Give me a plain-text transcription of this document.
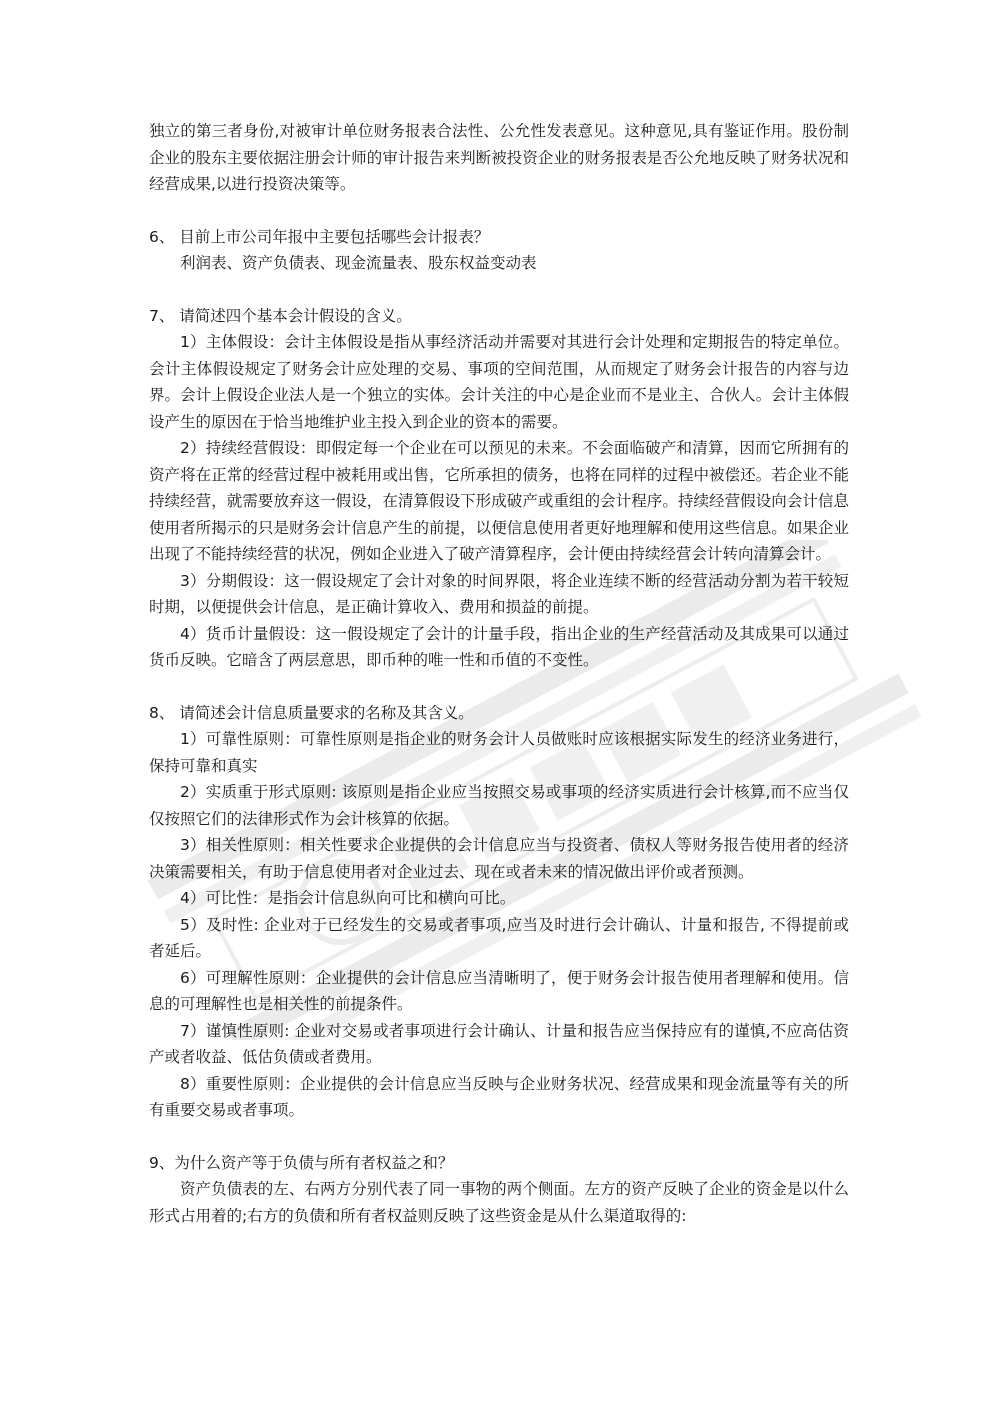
独立的第三者身份,对被审计单位财务报表合法性、公允性发表意见。这种意见,具有鉴证作用。股份制企业的股东主要依据注册会计师的审计报告来判断被投资企业的财务报表是否公允地反映了财务状况和经营成果,以进行投资决策等。

6、 目前上市公司年报中主要包括哪些会计报表？

利润表、资产负债表、现金流量表、股东权益变动表

7、 请简述四个基本会计假设的含义。

1）主体假设：会计主体假设是指从事经济活动并需要对其进行会计处理和定期报告的特定单位。会计主体假设规定了财务会计应处理的交易、事项的空间范围，从而规定了财务会计报告的内容与边界。会计上假设企业法人是一个独立的实体。会计关注的中心是企业而不是业主、合伙人。会计主体假设产生的原因在于恰当地维护业主投入到企业的资本的需要。

2）持续经营假设：即假定每一个企业在可以预见的未来。不会面临破产和清算，因而它所拥有的资产将在正常的经营过程中被耗用或出售，它所承担的债务，也将在同样的过程中被偿还。若企业不能持续经营，就需要放弃这一假设，在清算假设下形成破产或重组的会计程序。持续经营假设向会计信息使用者所揭示的只是财务会计信息产生的前提，以便信息使用者更好地理解和使用这些信息。如果企业出现了不能持续经营的状况，例如企业进入了破产清算程序，会计便由持续经营会计转向清算会计。

3）分期假设：这一假设规定了会计对象的时间界限，将企业连续不断的经营活动分割为若干较短时期，以便提供会计信息，是正确计算收入、费用和损益的前提。

4）货币计量假设：这一假设规定了会计的计量手段，指出企业的生产经营活动及其成果可以通过货币反映。它暗含了两层意思，即币种的唯一性和币值的不变性。

8、 请简述会计信息质量要求的名称及其含义。

1）可靠性原则：可靠性原则是指企业的财务会计人员做账时应该根据实际发生的经济业务进行，保持可靠和真实

2）实质重于形式原则: 该原则是指企业应当按照交易或事项的经济实质进行会计核算,而不应当仅仅按照它们的法律形式作为会计核算的依据。

3）相关性原则：相关性要求企业提供的会计信息应当与投资者、债权人等财务报告使用者的经济决策需要相关，有助于信息使用者对企业过去、现在或者未来的情况做出评价或者预测。

4）可比性：是指会计信息纵向可比和横向可比。

5）及时性: 企业对于已经发生的交易或者事项,应当及时进行会计确认、计量和报告, 不得提前或者延后。

6）可理解性原则：企业提供的会计信息应当清晰明了，便于财务会计报告使用者理解和使用。信息的可理解性也是相关性的前提条件。

7）谨慎性原则: 企业对交易或者事项进行会计确认、计量和报告应当保持应有的谨慎,不应高估资产或者收益、低估负债或者费用。

8）重要性原则：企业提供的会计信息应当反映与企业财务状况、经营成果和现金流量等有关的所有重要交易或者事项。

9、为什么资产等于负债与所有者权益之和？

资产负债表的左、右两方分别代表了同一事物的两个侧面。左方的资产反映了企业的资金是以什么形式占用着的;右方的负债和所有者权益则反映了这些资金是从什么渠道取得的:
